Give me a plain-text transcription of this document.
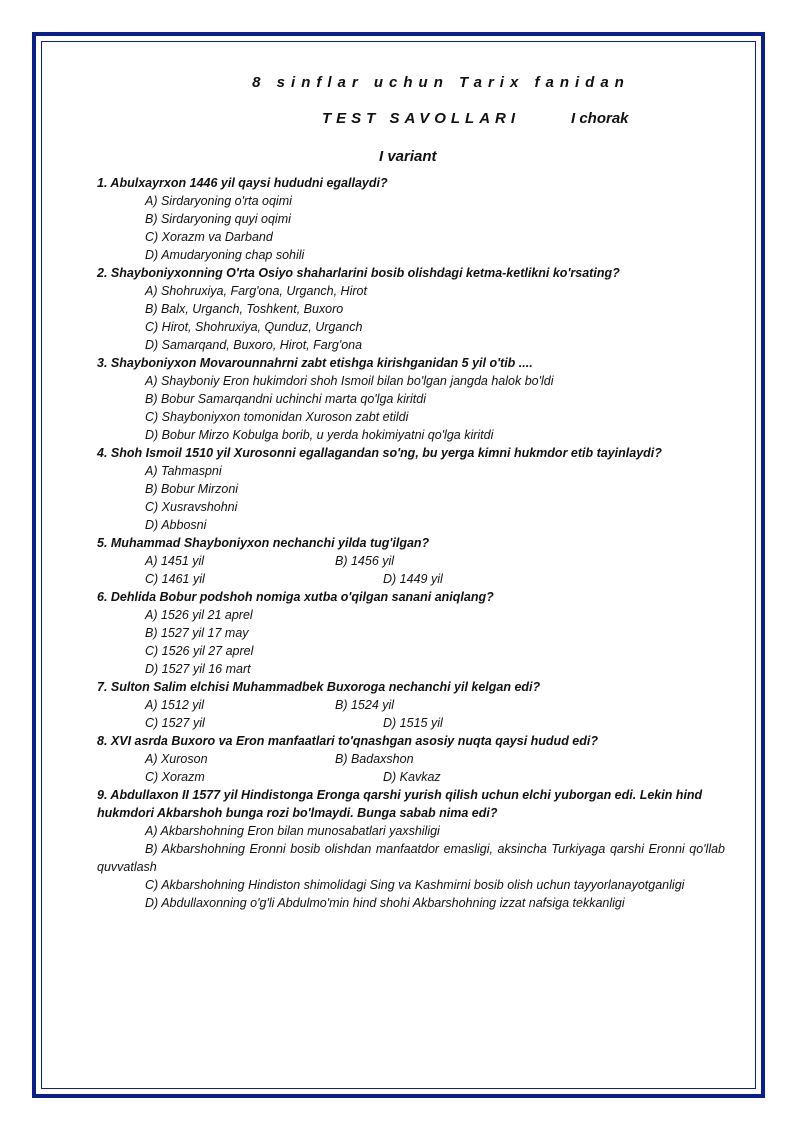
8 sinflar uchun Tarix fanidan
TEST SAVOLLARI	I chorak
I variant
1. Abulxayrxon 1446 yil qaysi hududni egallaydi?
A) Sirdaryoning o'rta oqimi
B) Sirdaryoning quyi oqimi
C) Xorazm va Darband
D) Amudaryoning chap sohili
2. Shayboniyxonning O'rta Osiyo shaharlarini bosib olishdagi ketma-ketlikni ko'rsating?
A) Shohruxiya, Farg'ona, Urganch, Hirot
B) Balx, Urganch, Toshkent, Buxoro
C) Hirot, Shohruxiya, Qunduz, Urganch
D) Samarqand, Buxoro, Hirot, Farg'ona
3. Shayboniyxon Movarounnahrni zabt etishga kirishganidan 5 yil o'tib ....
A) Shayboniy Eron hukimdori shoh Ismoil bilan bo'lgan jangda halok bo'ldi
B) Bobur Samarqandni uchinchi marta qo'lga kiritdi
C) Shayboniyxon tomonidan Xuroson zabt etildi
D) Bobur Mirzo Kobulga borib, u yerda hokimiyatni qo'lga kiritdi
4. Shoh Ismoil 1510 yil Xurosonni egallagandan so'ng, bu yerga kimni hukmdor etib tayinlaydi?
A) Tahmaspni
B) Bobur Mirzoni
C) Xusravshohni
D) Abbosni
5. Muhammad Shayboniyxon nechanchi yilda tug'ilgan?
A) 1451 yil	B) 1456 yil
C) 1461 yil	D) 1449 yil
6. Dehlida Bobur podshoh nomiga xutba o'qilgan sanani aniqlang?
A) 1526 yil 21 aprel
B) 1527 yil 17 may
C) 1526 yil 27 aprel
D) 1527 yil 16 mart
7. Sulton Salim elchisi Muhammadbek Buxoroga nechanchi yil kelgan edi?
A) 1512 yil	B) 1524 yil
C) 1527 yil	D) 1515 yil
8. XVI asrda Buxoro va Eron manfaatlari to'qnashgan asosiy nuqta qaysi hudud edi?
A) Xuroson	B) Badaxshon
C) Xorazm	D) Kavkaz
9. Abdullaxon II 1577 yil Hindistonga Eronga qarshi yurish qilish uchun elchi yuborgan edi. Lekin hind hukmdori Akbarshoh bunga rozi bo'lmaydi. Bunga sabab nima edi?
A) Akbarshohning Eron bilan munosabatlari yaxshiligi
B) Akbarshohning Eronni bosib olishdan manfaatdor emasligi, aksincha Turkiyaga qarshi Eronni qo'llab quvvatlash
C) Akbarshohning Hindiston shimolidagi Sing va Kashmirni bosib olish uchun tayyorlanayotganligi
D) Abdullaxonning o'g'li Abdulmo'min hind shohi Akbarshohning izzat nafsiga tekkanligi
